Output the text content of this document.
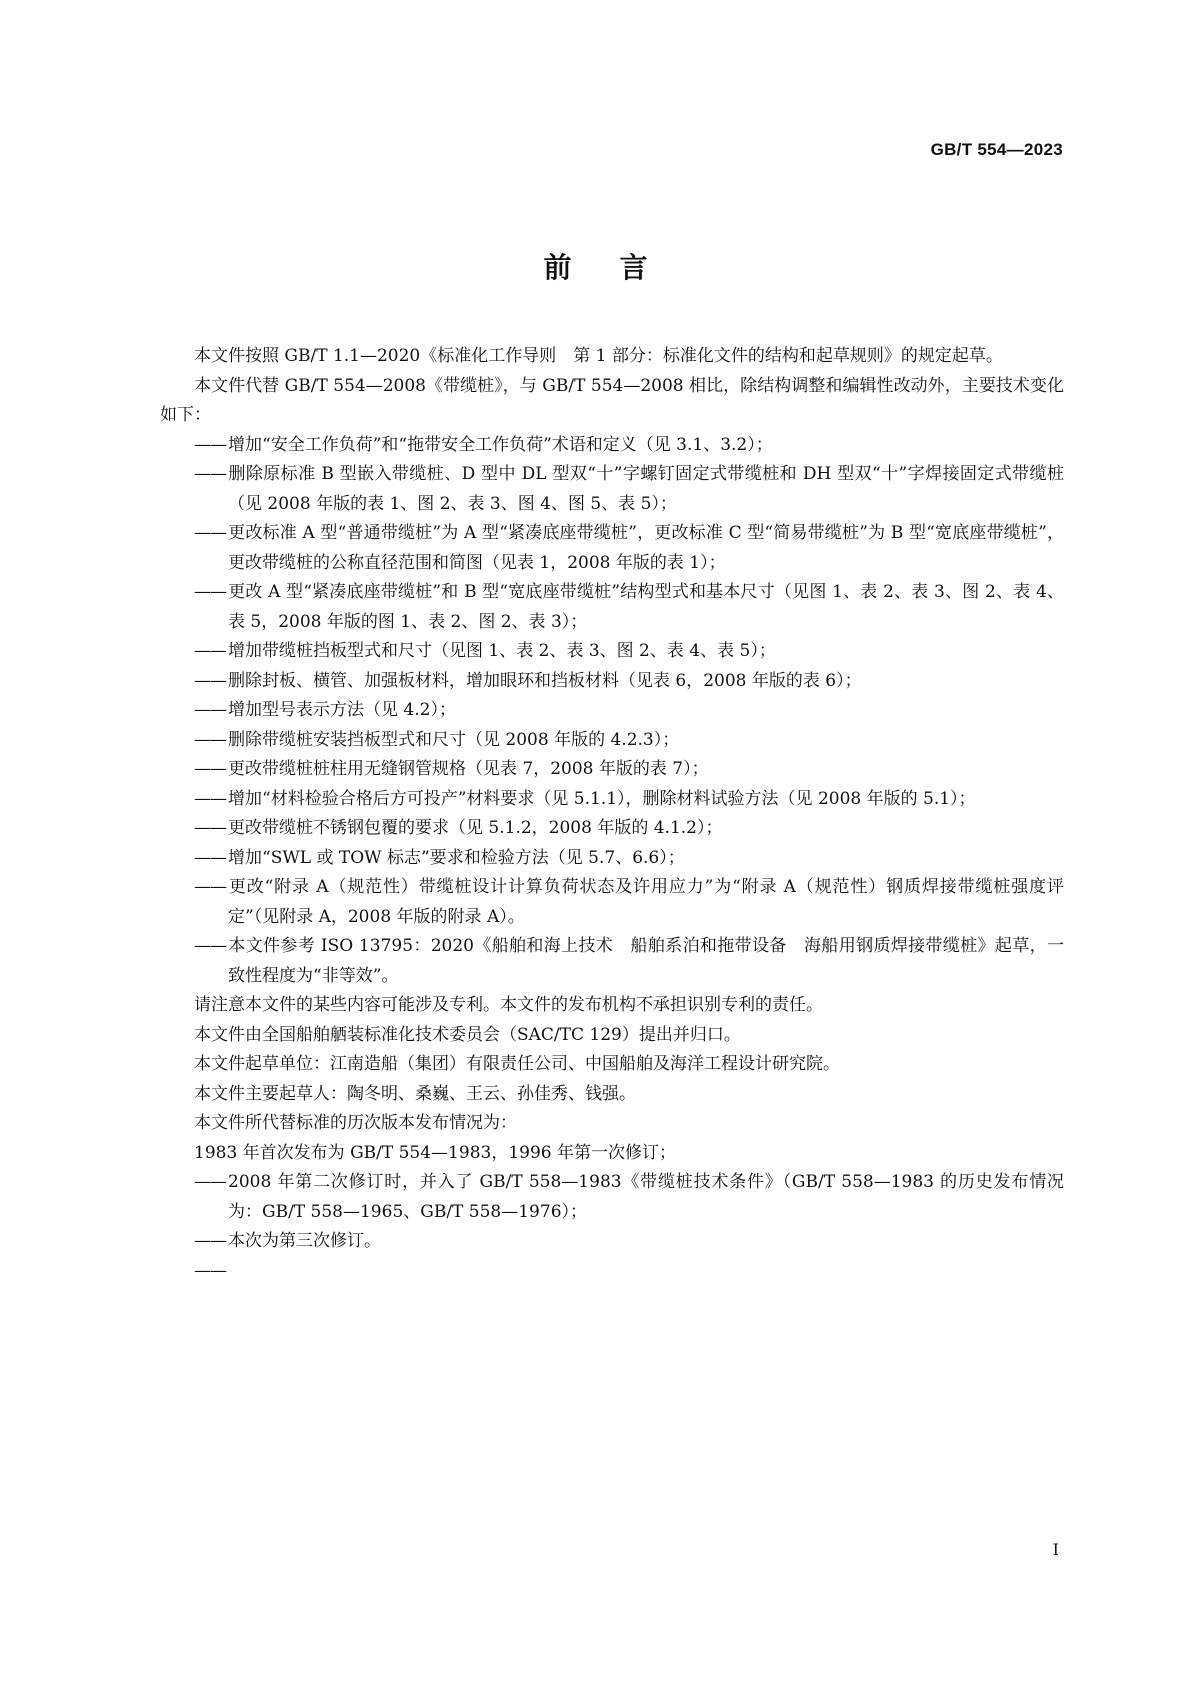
GB/T 554—2023
前言

本文件按照 GB/T 1.1—2020《标准化工作导则　第 1 部分：标准化文件的结构和起草规则》的规定起草。

本文件代替 GB/T 554—2008《带缆桩》，与 GB/T 554—2008 相比，除结构调整和编辑性改动外，主要技术变化如下：

—— 增加“安全工作负荷”和“拖带安全工作负荷”术语和定义（见 3.1、3.2）；

—— 删除原标准 B 型嵌入带缆桩、D 型中 DL 型双“十”字螺钉固定式带缆桩和 DH 型双“十”字焊接固定式带缆桩（见 2008 年版的表 1、图 2、表 3、图 4、图 5、表 5）；

—— 更改标准 A 型“普通带缆桩”为 A 型“紧凑底座带缆桩”，更改标准 C 型“简易带缆桩”为 B 型“宽底座带缆桩”，更改带缆桩的公称直径范围和简图（见表 1，2008 年版的表 1）；

—— 更改 A 型“紧凑底座带缆桩”和 B 型“宽底座带缆桩”结构型式和基本尺寸（见图 1、表 2、表 3、图 2、表 4、表 5，2008 年版的图 1、表 2、图 2、表 3）；

—— 增加带缆桩挡板型式和尺寸（见图 1、表 2、表 3、图 2、表 4、表 5）；

—— 删除封板、横管、加强板材料，增加眼环和挡板材料（见表 6，2008 年版的表 6）；

—— 增加型号表示方法（见 4.2）；

—— 删除带缆桩安装挡板型式和尺寸（见 2008 年版的 4.2.3）；

—— 更改带缆桩桩柱用无缝钢管规格（见表 7，2008 年版的表 7）；

—— 增加“材料检验合格后方可投产”材料要求（见 5.1.1），删除材料试验方法（见 2008 年版的 5.1）；

—— 更改带缆桩不锈钢包覆的要求（见 5.1.2，2008 年版的 4.1.2）；

—— 增加“SWL 或 TOW 标志”要求和检验方法（见 5.7、6.6）；

—— 更改“附录 A（规范性）带缆桩设计计算负荷状态及许用应力”为“附录 A（规范性）钢质焊接带缆桩强度评定”（见附录 A，2008 年版的附录 A）。

—— 本文件参考 ISO 13795：2020《船舶和海上技术　船舶系泊和拖带设备　海船用钢质焊接带缆桩》起草，一致性程度为“非等效”。

请注意本文件的某些内容可能涉及专利。本文件的发布机构不承担识别专利的责任。

本文件由全国船舶舾装标准化技术委员会（SAC/TC 129）提出并归口。

本文件起草单位：江南造船（集团）有限责任公司、中国船舶及海洋工程设计研究院。

本文件主要起草人：陶冬明、桑巍、王云、孙佳秀、钱强。

本文件所代替标准的历次版本发布情况为：

1983 年首次发布为 GB/T 554—1983，1996 年第一次修订；

—— 2008 年第二次修订时，并入了 GB/T 558—1983《带缆桩技术条件》（GB/T 558—1983 的历史发布情况为：GB/T 558—1965、GB/T 558—1976）；

—— 本次为第三次修订。

——

I
